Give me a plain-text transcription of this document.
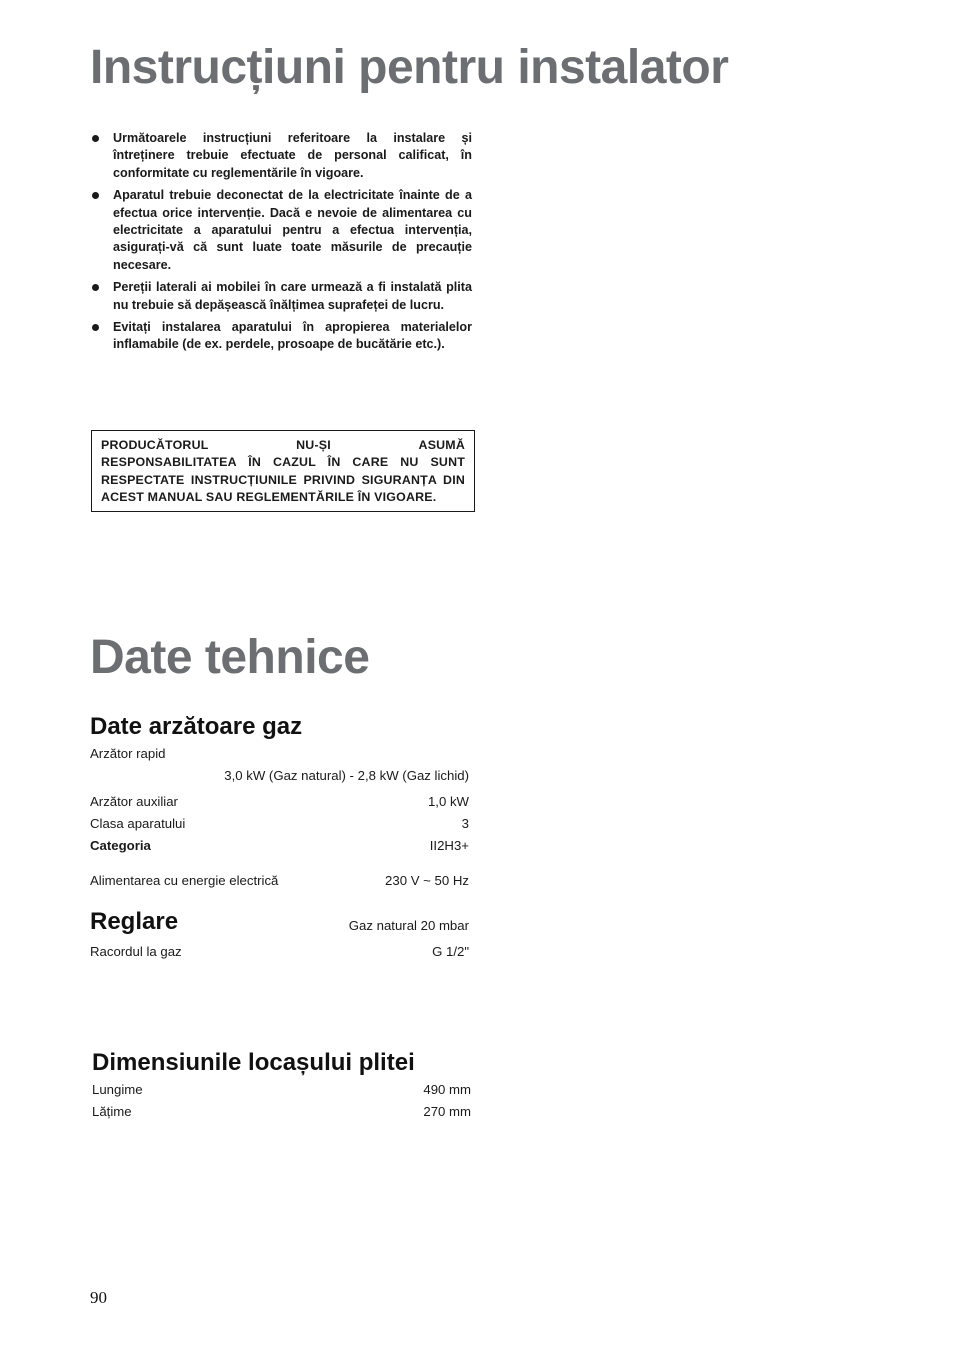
Instrucțiuni pentru instalator
Următoarele instrucțiuni referitoare la instalare și întreținere trebuie efectuate de personal calificat, în conformitate cu reglementările în vigoare.
Aparatul trebuie deconectat de la electricitate înainte de a efectua orice intervenție. Dacă e nevoie de alimentarea cu electricitate a aparatului pentru a efectua intervenția, asigurați-vă că sunt luate toate măsurile de precauție necesare.
Pereții laterali ai mobilei în care urmează a fi instalată plita nu trebuie să depășească înălțimea suprafeței de lucru.
Evitați instalarea aparatului în apropierea materialelor inflamabile (de ex. perdele, prosoape de bucătărie etc.).
PRODUCĂTORUL	NU-ȘI	ASUMĂ
RESPONSABILITATEA ÎN CAZUL ÎN CARE NU SUNT RESPECTATE INSTRUCȚIUNILE PRIVIND SIGURANȚA DIN ACEST MANUAL SAU REGLEMENTĂRILE ÎN VIGOARE.
Date tehnice
Date arzătoare gaz
Arzător rapid
3,0 kW (Gaz natural) - 2,8 kW (Gaz lichid)
Arzător auxiliar	1,0 kW
Clasa aparatului	3
Categoria	II2H3+
Alimentarea cu energie electrică	230 V ~ 50 Hz
Reglare	Gaz natural 20 mbar
Racordul la gaz	G 1/2"
Dimensiunile locașului plitei
Lungime	490 mm
Lățime	270 mm
90
